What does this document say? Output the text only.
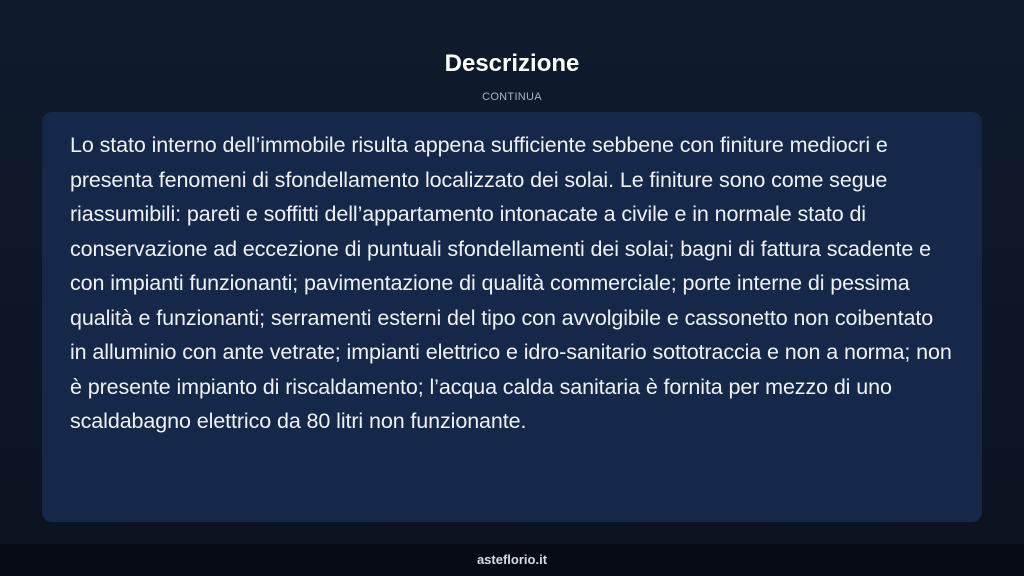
Descrizione
CONTINUA

Lo stato interno dell’immobile risulta appena sufficiente sebbene con finiture mediocri e presenta fenomeni di sfondellamento localizzato dei solai. Le finiture sono come segue riassumibili: pareti e soffitti dell’appartamento intonacate a civile e in normale stato di conservazione ad eccezione di puntuali sfondellamenti dei solai; bagni di fattura scadente e con impianti funzionanti; pavimentazione di qualità commerciale; porte interne di pessima qualità e funzionanti; serramenti esterni del tipo con avvolgibile e cassonetto non coibentato in alluminio con ante vetrate; impianti elettrico e idro-sanitario sottotraccia e non a norma; non è presente impianto di riscaldamento; l’acqua calda sanitaria è fornita per mezzo di uno scaldabagno elettrico da 80 litri non funzionante.

asteflorio.it
